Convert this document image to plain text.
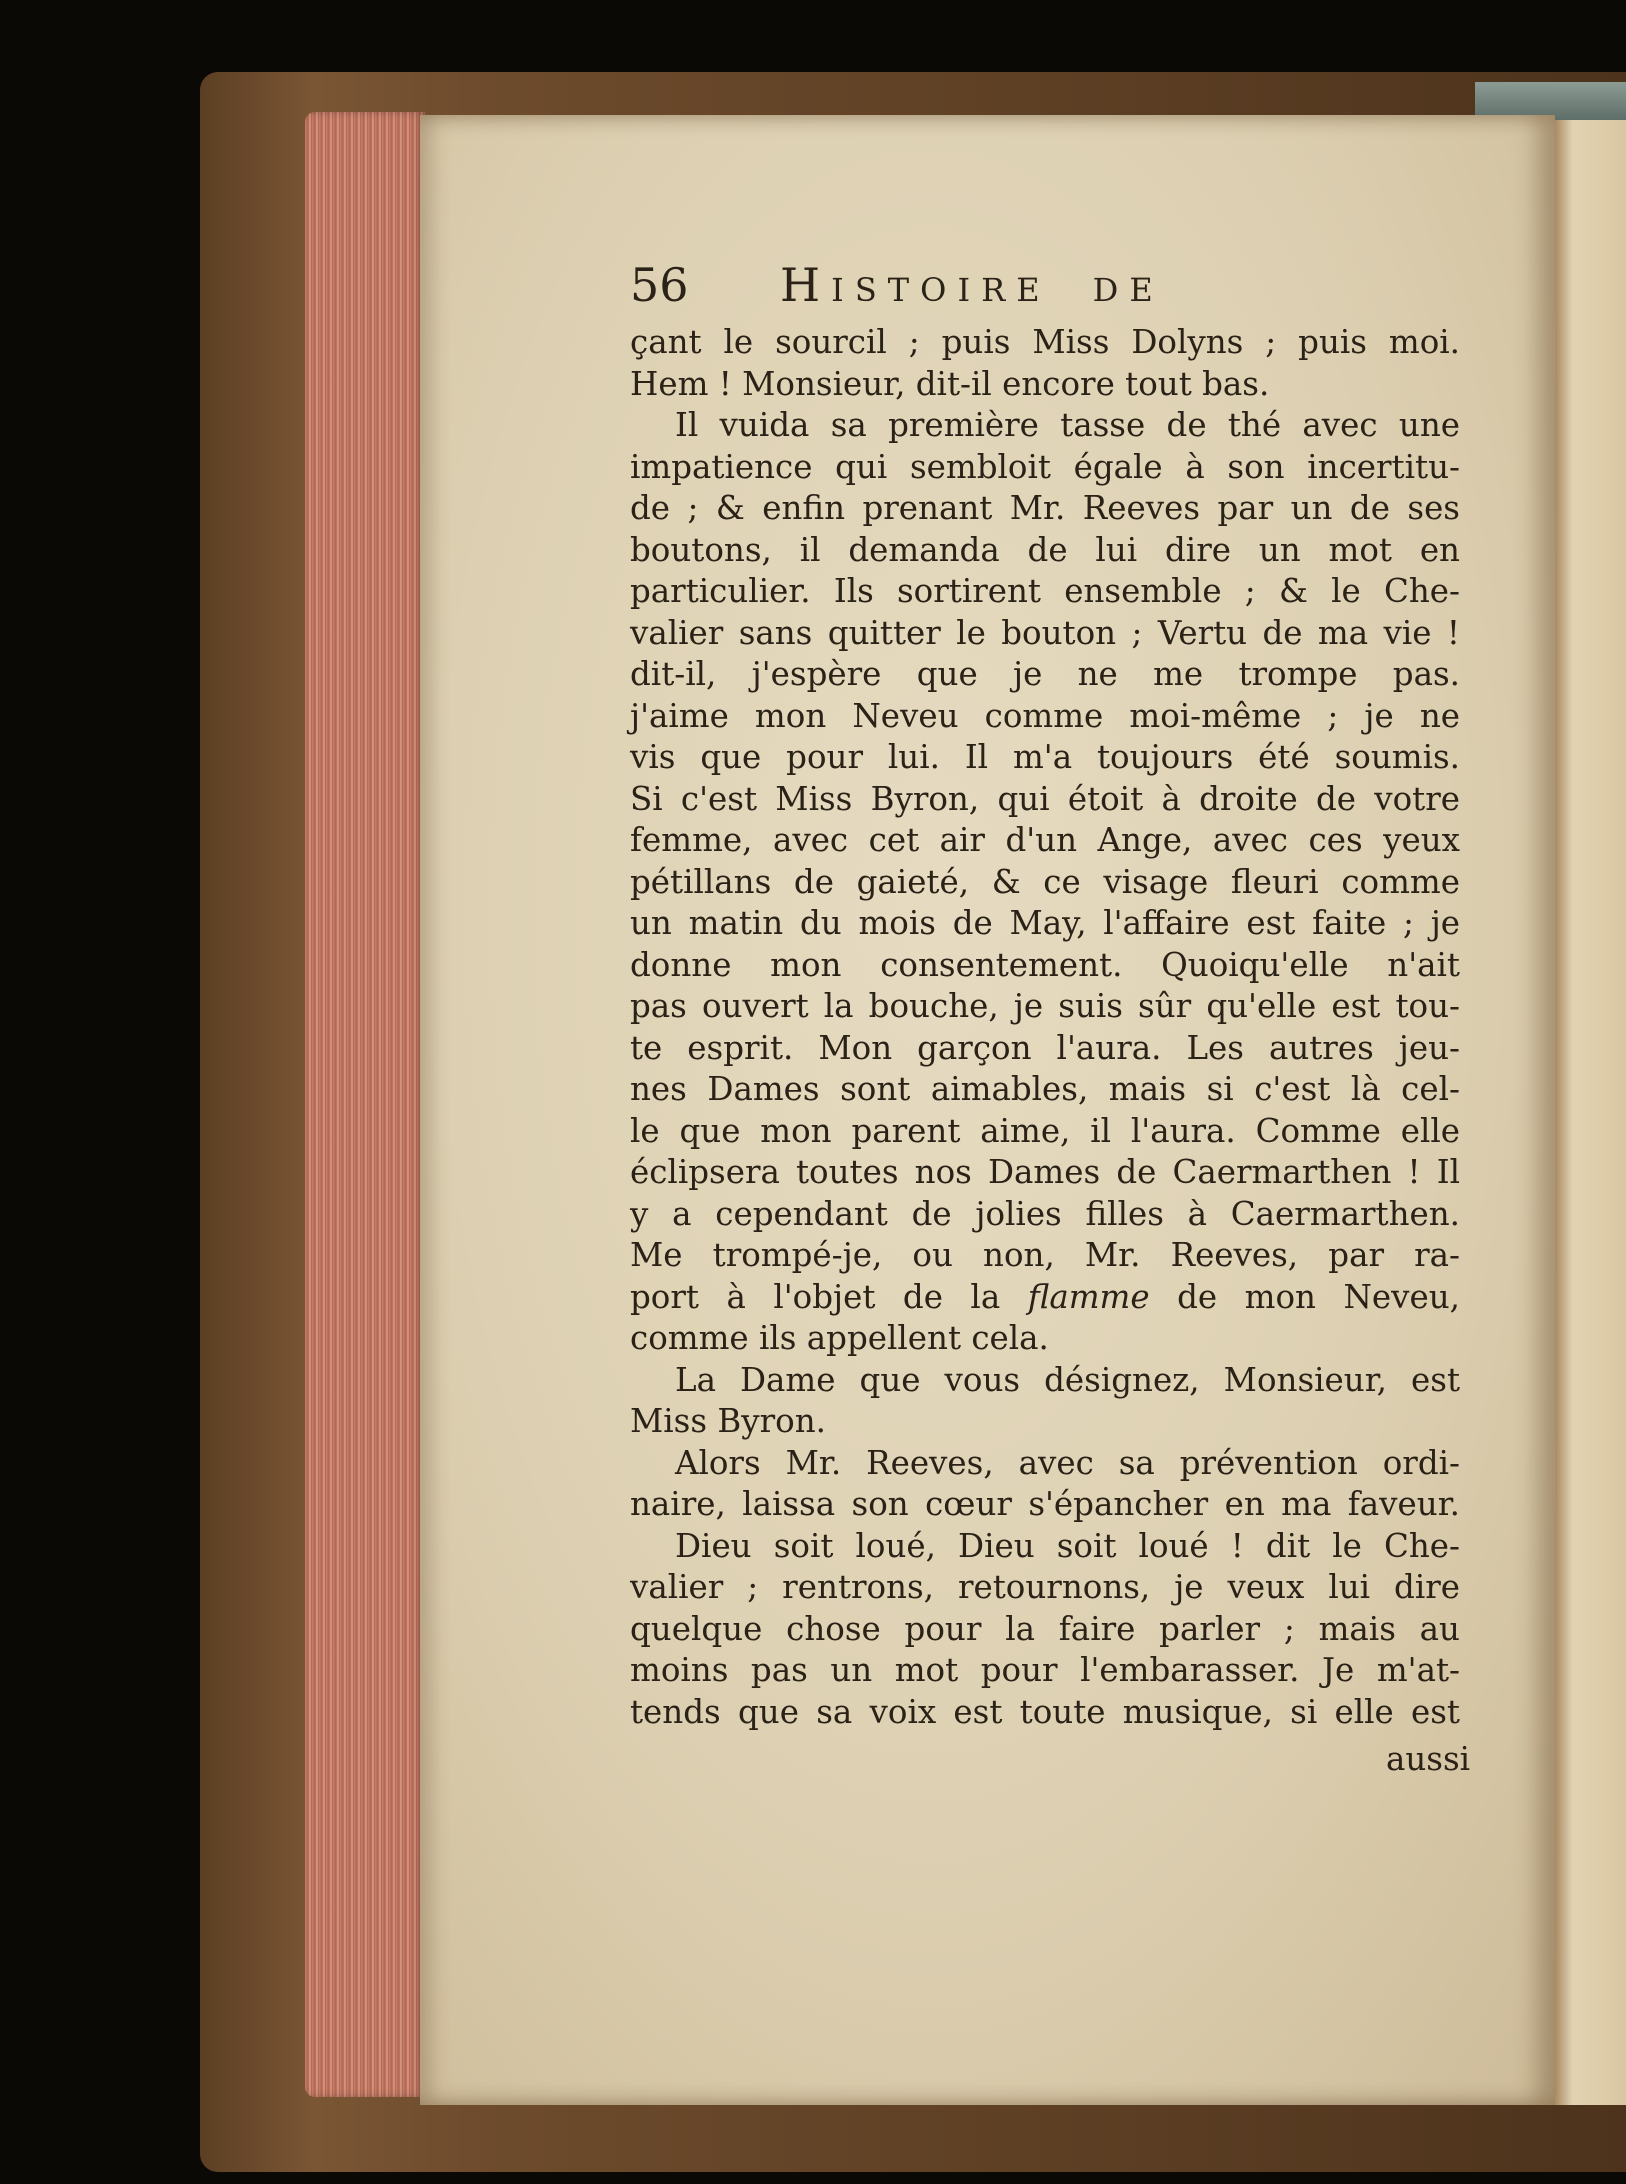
56 Histoire de
çant le sourcil ; puis Miss Dolyns ; puis moi.
Hem ! Monsieur, dit-il encore tout bas.
Il vuida sa première tasse de thé avec une
impatience qui sembloit égale à son incertitu-
de ; & enfin prenant Mr. Reeves par un de ses
boutons, il demanda de lui dire un mot en
particulier. Ils sortirent ensemble ; & le Che-
valier sans quitter le bouton ; Vertu de ma vie !
dit-il, j'espère que je ne me trompe pas.
j'aime mon Neveu comme moi-même ; je ne
vis que pour lui. Il m'a toujours été soumis.
Si c'est Miss Byron, qui étoit à droite de votre
femme, avec cet air d'un Ange, avec ces yeux
pétillans de gaieté, & ce visage fleuri comme
un matin du mois de May, l'affaire est faite ; je
donne mon consentement. Quoiqu'elle n'ait
pas ouvert la bouche, je suis sûr qu'elle est tou-
te esprit. Mon garçon l'aura. Les autres jeu-
nes Dames sont aimables, mais si c'est là cel-
le que mon parent aime, il l'aura. Comme elle
éclipsera toutes nos Dames de Caermarthen ! Il
y a cependant de jolies filles à Caermarthen.
Me trompé-je, ou non, Mr. Reeves, par ra-
port à l'objet de la flamme de mon Neveu,
comme ils appellent cela.
La Dame que vous désignez, Monsieur, est
Miss Byron.
Alors Mr. Reeves, avec sa prévention ordi-
naire, laissa son cœur s'épancher en ma faveur.
Dieu soit loué, Dieu soit loué ! dit le Che-
valier ; rentrons, retournons, je veux lui dire
quelque chose pour la faire parler ; mais au
moins pas un mot pour l'embarasser. Je m'at-
tends que sa voix est toute musique, si elle est
aussi
